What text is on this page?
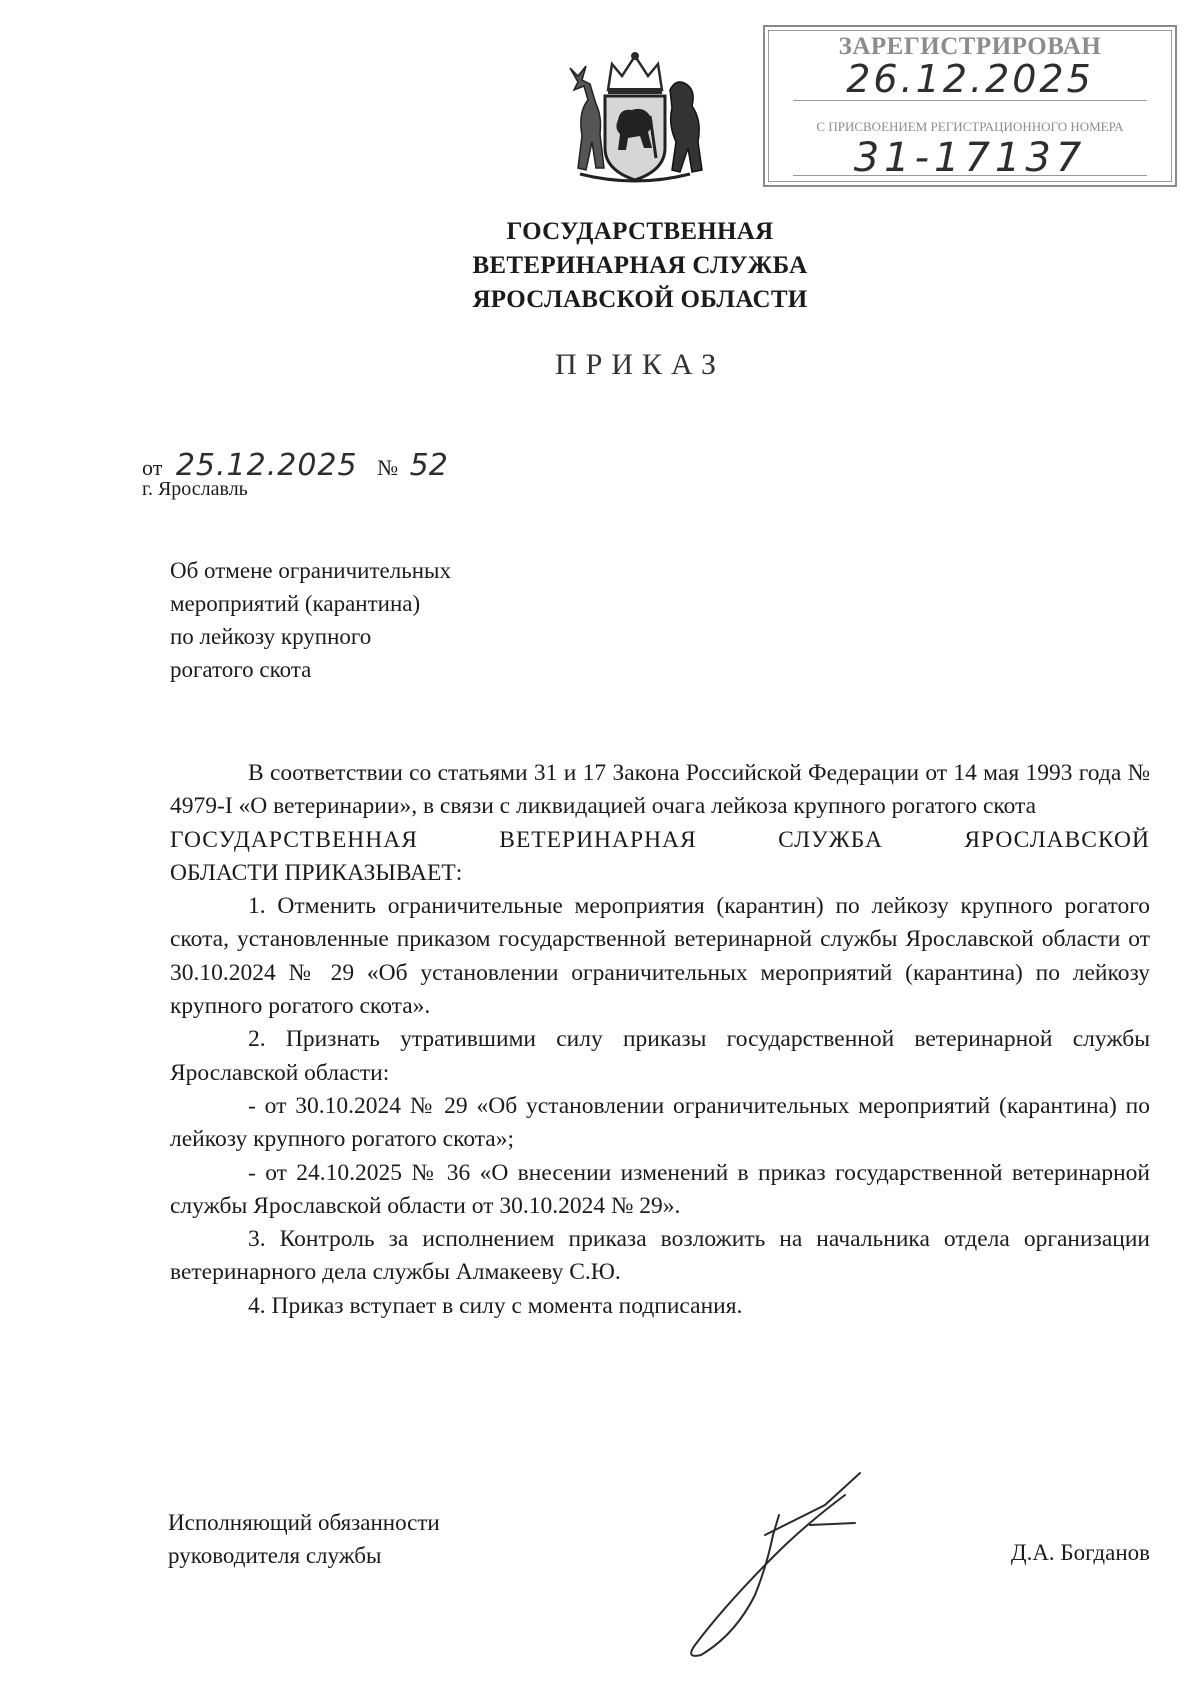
ЗАРЕГИСТРИРОВАН
26.12.2025
С ПРИСВОЕНИЕМ РЕГИСТРАЦИОННОГО НОМЕРА
31-17137
ГОСУДАРСТВЕННАЯ
ВЕТЕРИНАРНАЯ СЛУЖБА
ЯРОСЛАВСКОЙ ОБЛАСТИ
ПРИКАЗ
от 25.12.2025 № 52
г. Ярославль
Об отмене ограничительных
мероприятий (карантина)
по лейкозу крупного
рогатого скота

В соответствии со статьями 31 и 17 Закона Российской Федерации от 14 мая 1993 года № 4979-I «О ветеринарии», в связи с ликвидацией очага лейкоза крупного рогатого скота

ГОСУДАРСТВЕННАЯ ВЕТЕРИНАРНАЯ СЛУЖБА ЯРОСЛАВСКОЙ

ОБЛАСТИ ПРИКАЗЫВАЕТ:

1. Отменить ограничительные мероприятия (карантин) по лейкозу крупного рогатого скота, установленные приказом государственной ветеринарной службы Ярославской области от 30.10.2024 № 29 «Об установлении ограничительных мероприятий (карантина) по лейкозу крупного рогатого скота».

2. Признать утратившими силу приказы государственной ветеринарной службы Ярославской области:

- от 30.10.2024 № 29 «Об установлении ограничительных мероприятий (карантина) по лейкозу крупного рогатого скота»;

- от 24.10.2025 № 36 «О внесении изменений в приказ государственной ветеринарной службы Ярославской области от 30.10.2024 № 29».

3. Контроль за исполнением приказа возложить на начальника отдела организации ветеринарного дела службы Алмакееву С.Ю.

4. Приказ вступает в силу с момента подписания.

Исполняющий обязанности
руководителя службы	Д.А. Богданов
